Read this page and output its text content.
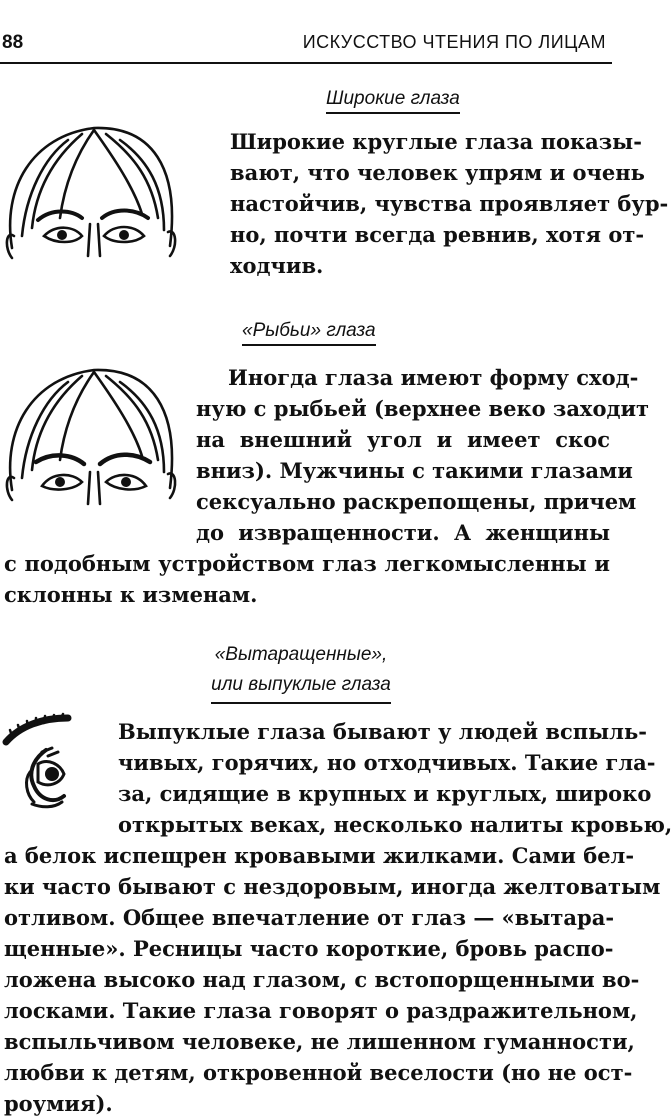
88	ИСКУССТВО ЧТЕНИЯ ПО ЛИЦАМ
Широкие глаза
Широкие круглые глаза показы-
вают, что человек упрям и очень
настойчив, чувства проявляет бур-
но, почти всегда ревнив, хотя от-
ходчив.
«Рыбьи» глаза
Иногда глаза имеют форму сход-
ную с рыбьей (верхнее веко заходит
на внешний угол и имеет скос
вниз). Мужчины с такими глазами
сексуально раскрепощены, причем
до извращенности. А женщины
с подобным устройством глаз легкомысленны и
склонны к изменам.
«Вытаращенные»,
или выпуклые глаза
Выпуклые глаза бывают у людей вспыль-
чивых, горячих, но отходчивых. Такие гла-
за, сидящие в крупных и круглых, широко
открытых веках, несколько налиты кровью,
а белок испещрен кровавыми жилками. Сами бел-
ки часто бывают с нездоровым, иногда желтоватым
отливом. Общее впечатление от глаз — «вытара-
щенные». Ресницы часто короткие, бровь распо-
ложена высоко над глазом, с встопорщенными во-
лосками. Такие глаза говорят о раздражительном,
вспыльчивом человеке, не лишенном гуманности,
любви к детям, откровенной веселости (но не ост-
роумия).
